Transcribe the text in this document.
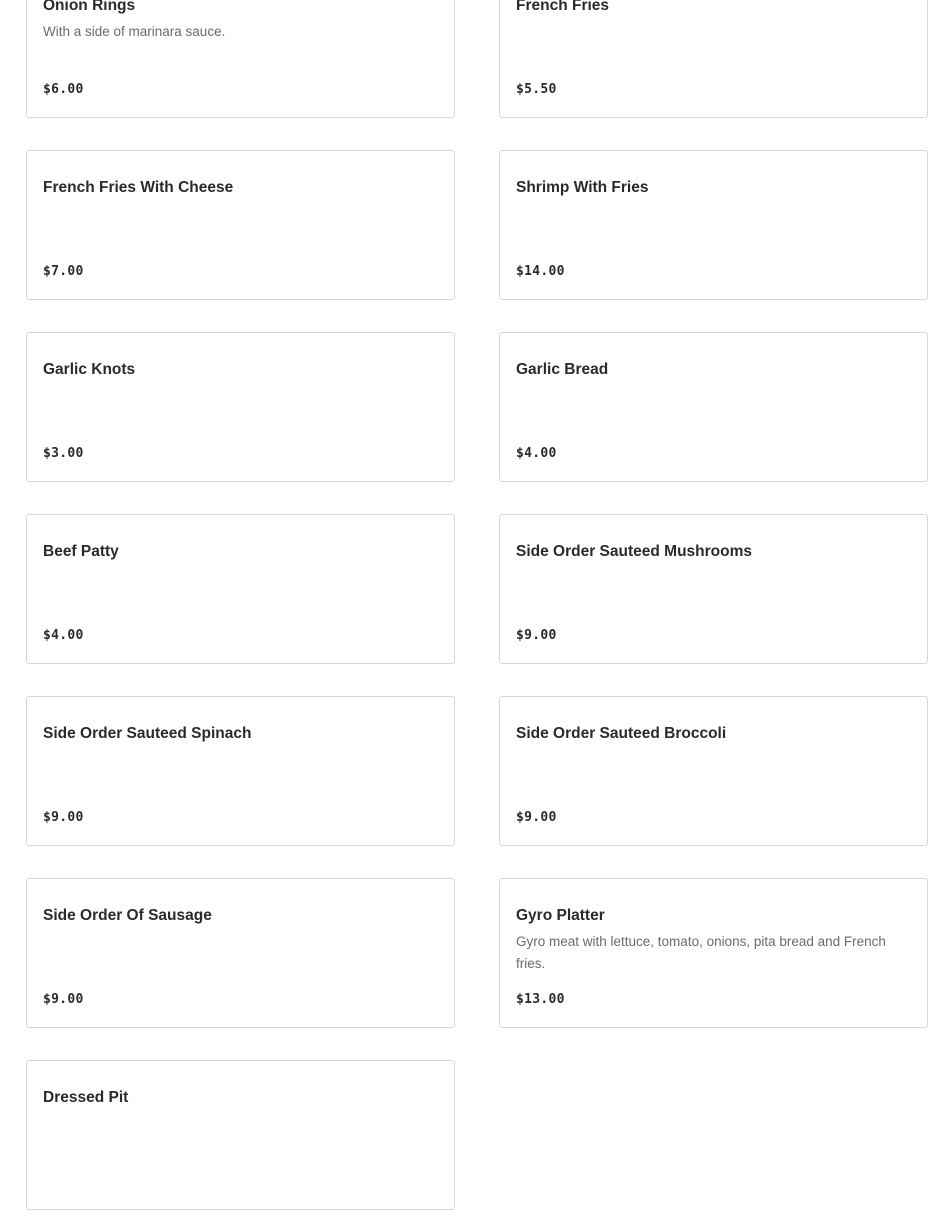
Onion Rings
With a side of marinara sauce.
$6.00
French Fries
$5.50
French Fries With Cheese
$7.00
Shrimp With Fries
$14.00
Garlic Knots
$3.00
Garlic Bread
$4.00
Beef Patty
$4.00
Side Order Sauteed Mushrooms
$9.00
Side Order Sauteed Spinach
$9.00
Side Order Sauteed Broccoli
$9.00
Side Order Of Sausage
$9.00
Gyro Platter
Gyro meat with lettuce, tomato, onions, pita bread and French fries.
$13.00
Dressed Pit
